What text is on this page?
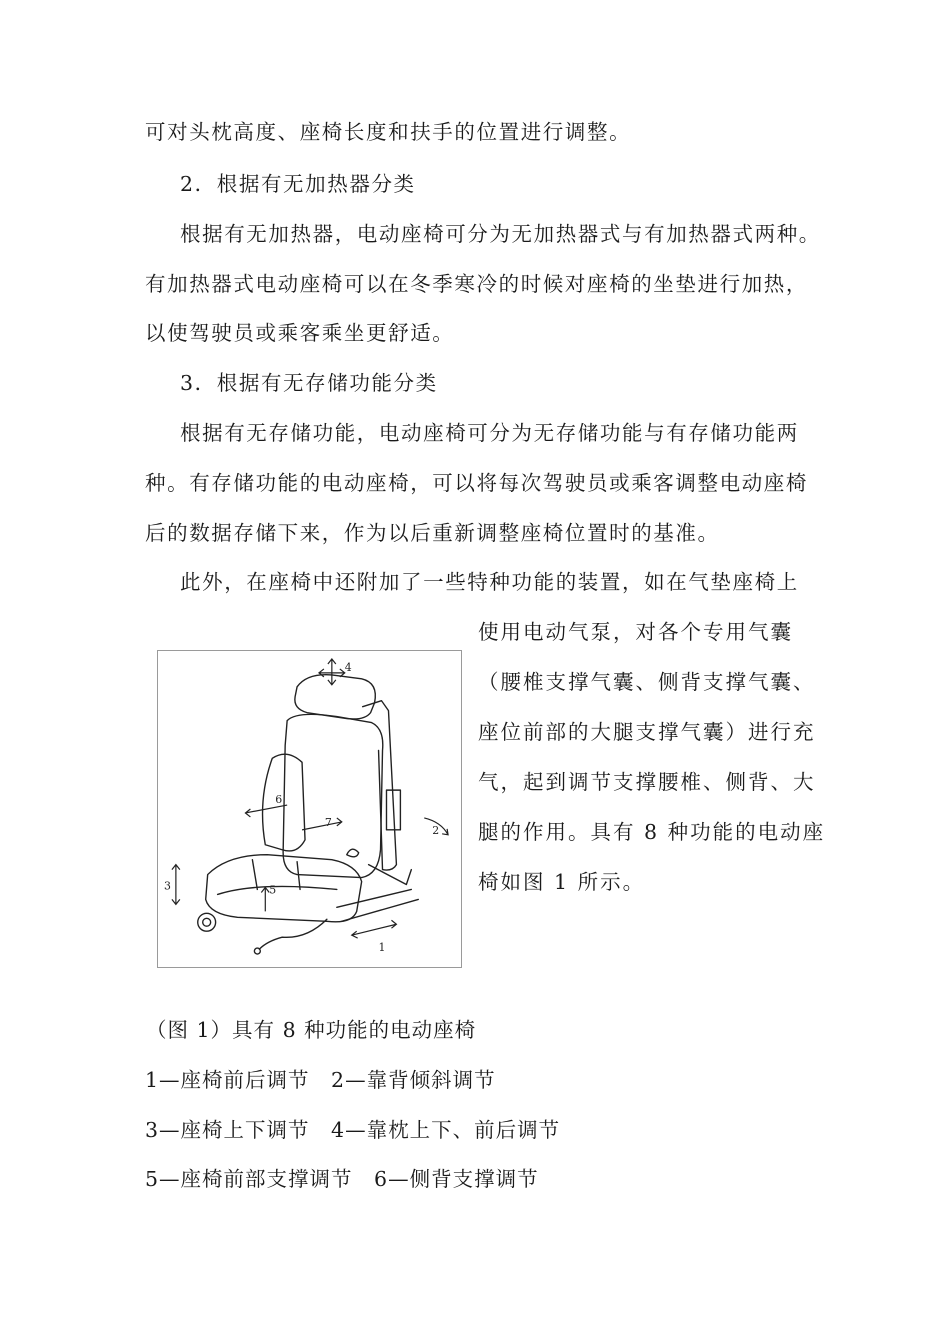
可对头枕高度、座椅长度和扶手的位置进行调整。
2．根据有无加热器分类
根据有无加热器，电动座椅可分为无加热器式与有加热器式两种。
有加热器式电动座椅可以在冬季寒冷的时候对座椅的坐垫进行加热，
以使驾驶员或乘客乘坐更舒适。
3．根据有无存储功能分类
根据有无存储功能，电动座椅可分为无存储功能与有存储功能两
种。有存储功能的电动座椅，可以将每次驾驶员或乘客调整电动座椅
后的数据存储下来，作为以后重新调整座椅位置时的基准。
此外，在座椅中还附加了一些特种功能的装置，如在气垫座椅上
使用电动气泵，对各个专用气囊
（腰椎支撑气囊、侧背支撑气囊、
座位前部的大腿支撑气囊）进行充
气，起到调节支撑腰椎、侧背、大
腿的作用。具有 8 种功能的电动座
椅如图 1 所示。
1
2
3
4
5
6
7
（图 1）具有 8 种功能的电动座椅
1—座椅前后调节　2—靠背倾斜调节
3—座椅上下调节　4—靠枕上下、前后调节
5—座椅前部支撑调节　6—侧背支撑调节
